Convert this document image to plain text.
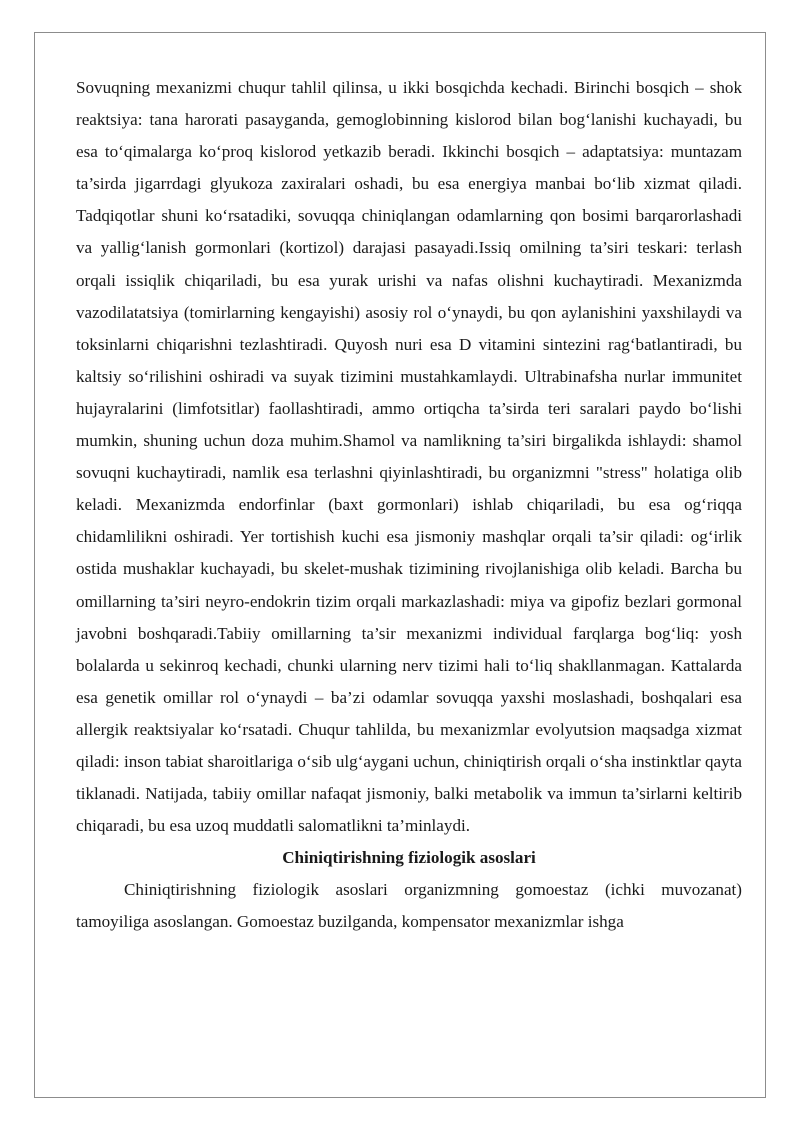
Sovuqning mexanizmi chuqur tahlil qilinsa, u ikki bosqichda kechadi. Birinchi bosqich – shok reaktsiya: tana harorati pasayganda, gemoglobinning kislorod bilan bog‘lanishi kuchayadi, bu esa to‘qimalarga ko‘proq kislorod yetkazib beradi. Ikkinchi bosqich – adaptatsiya: muntazam ta’sirda jigarrdagi glyukoza zaxiralari oshadi, bu esa energiya manbai bo‘lib xizmat qiladi. Tadqiqotlar shuni ko‘rsatadiki, sovuqqa chiniqlangan odamlarning qon bosimi barqarorlashadi va yallig‘lanish gormonlari (kortizol) darajasi pasayadi.Issiq omilning ta’siri teskari: terlash orqali issiqlik chiqariladi, bu esa yurak urishi va nafas olishni kuchaytiradi. Mexanizmda vazodilatatsiya (tomirlarning kengayishi) asosiy rol o‘ynaydi, bu qon aylanishini yaxshilaydi va toksinlarni chiqarishni tezlashtiradi. Quyosh nuri esa D vitamini sintezini rag‘batlantiradi, bu kaltsiy so‘rilishini oshiradi va suyak tizimini mustahkamlaydi. Ultrabinafsha nurlar immunitet hujayralarini (limfotsitlar) faollashtiradi, ammo ortiqcha ta’sirda teri saralari paydo bo‘lishi mumkin, shuning uchun doza muhim.Shamol va namlikning ta’siri birgalikda ishlaydi: shamol sovuqni kuchaytiradi, namlik esa terlashni qiyinlashtiradi, bu organizmni "stress" holatiga olib keladi. Mexanizmda endorfinlar (baxt gormonlari) ishlab chiqariladi, bu esa og‘riqqa chidamlilikni oshiradi. Yer tortishish kuchi esa jismoniy mashqlar orqali ta’sir qiladi: og‘irlik ostida mushaklar kuchayadi, bu skelet-mushak tizimining rivojlanishiga olib keladi. Barcha bu omillarning ta’siri neyro-endokrin tizim orqali markazlashadi: miya va gipofiz bezlari gormonal javobni boshqaradi.Tabiiy omillarning ta’sir mexanizmi individual farqlarga bog‘liq: yosh bolalarda u sekinroq kechadi, chunki ularning nerv tizimi hali to‘liq shakllanmagan. Kattalarda esa genetik omillar rol o‘ynaydi – ba’zi odamlar sovuqqa yaxshi moslashadi, boshqalari esa allergik reaktsiyalar ko‘rsatadi. Chuqur tahlilda, bu mexanizmlar evolyutsion maqsadga xizmat qiladi: inson tabiat sharoitlariga o‘sib ulg‘aygani uchun, chiniqtirish orqali o‘sha instinktlar qayta tiklanadi. Natijada, tabiiy omillar nafaqat jismoniy, balki metabolik va immun ta’sirlarni keltirib chiqaradi, bu esa uzoq muddatli salomatlikni ta’minlaydi.

Chiniqtirishning fiziologik asoslari

Chiniqtirishning fiziologik asoslari organizmning gomoestaz (ichki muvozanat) tamoyiliga asoslangan. Gomoestaz buzilganda, kompensator mexanizmlar ishga
